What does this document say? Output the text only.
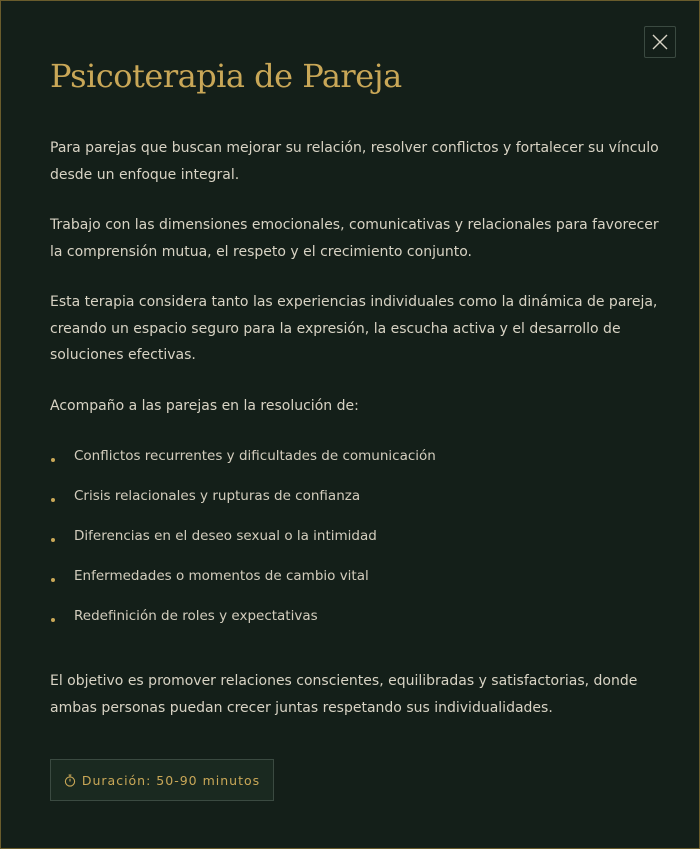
Psicoterapia de Pareja

Para parejas que buscan mejorar su relación, resolver conflictos y fortalecer su vínculo desde un enfoque integral.

Trabajo con las dimensiones emocionales, comunicativas y relacionales para favorecer la comprensión mutua, el respeto y el crecimiento conjunto.

Esta terapia considera tanto las experiencias individuales como la dinámica de pareja, creando un espacio seguro para la expresión, la escucha activa y el desarrollo de soluciones efectivas.

Acompaño a las parejas en la resolución de:

Conflictos recurrentes y dificultades de comunicación
Crisis relacionales y rupturas de confianza
Diferencias en el deseo sexual o la intimidad
Enfermedades o momentos de cambio vital
Redefinición de roles y expectativas

El objetivo es promover relaciones conscientes, equilibradas y satisfactorias, donde ambas personas puedan crecer juntas respetando sus individualidades.

Duración: 50-90 minutos
